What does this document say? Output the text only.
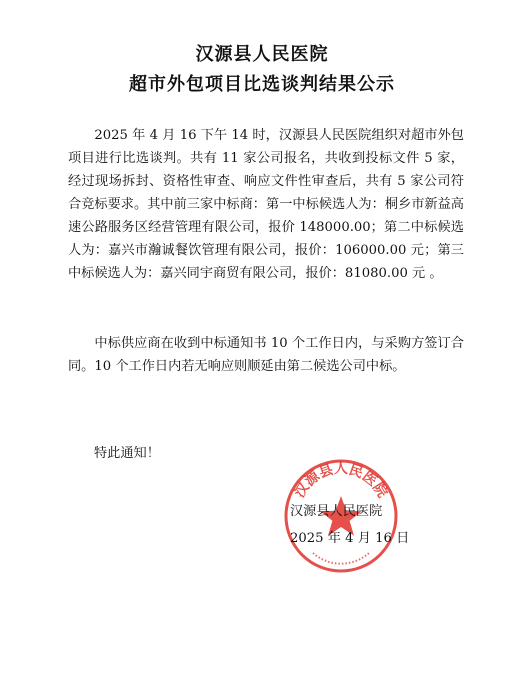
汉源县人民医院
超市外包项目比选谈判结果公示

2025 年 4 月 16 下午 14 时，汉源县人民医院组织对超市外包项目进行比选谈判。共有 11 家公司报名，共收到投标文件 5 家，经过现场拆封、资格性审查、响应文件性审查后，共有 5 家公司符合竞标要求。其中前三家中标商：第一中标候选人为：桐乡市新益高速公路服务区经营管理有限公司，报价 148000.00；第二中标候选人为：嘉兴市瀚诚餐饮管理有限公司，报价：106000.00 元；第三中标候选人为：嘉兴同宇商贸有限公司，报价：81080.00 元 。

中标供应商在收到中标通知书 10 个工作日内，与采购方签订合同。10 个工作日内若无响应则顺延由第二候选公司中标。

特此通知！

汉源县人民医院

汉源县人民医院

2025 年 4 月 16 日
